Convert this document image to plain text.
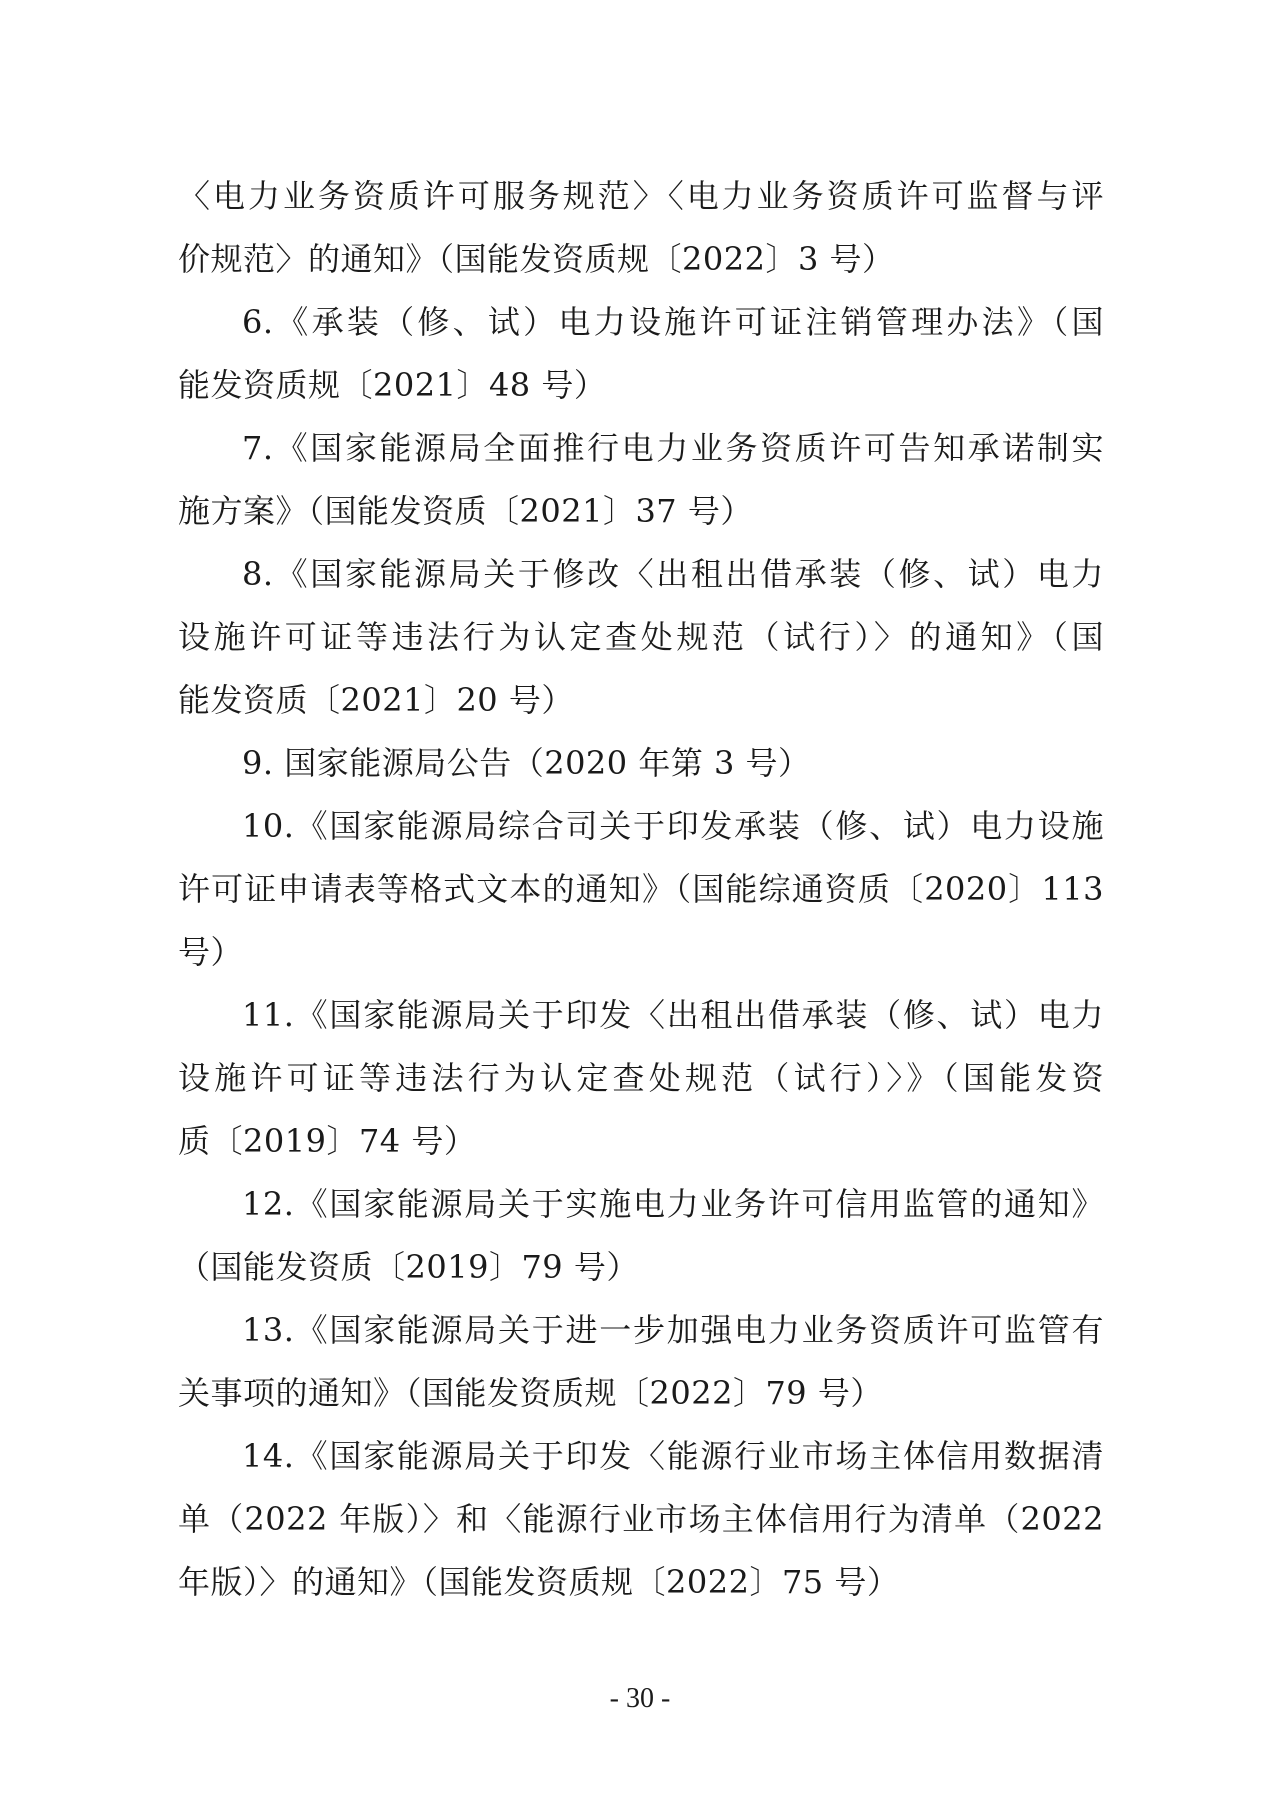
〈电力业务资质许可服务规范〉〈电力业务资质许可监督与评
价规范〉的通知》（国能发资质规〔2022〕3 号）
6.《承装（修、试）电力设施许可证注销管理办法》（国
能发资质规〔2021〕48 号）
7.《国家能源局全面推行电力业务资质许可告知承诺制实
施方案》（国能发资质〔2021〕37 号）
8.《国家能源局关于修改〈出租出借承装（修、试）电力
设施许可证等违法行为认定查处规范（试行）〉的通知》（国
能发资质〔2021〕20 号）
9. 国家能源局公告（2020 年第 3 号）
10.《国家能源局综合司关于印发承装（修、试）电力设施
许可证申请表等格式文本的通知》（国能综通资质〔2020〕113
号）
11.《国家能源局关于印发〈出租出借承装（修、试）电力
设施许可证等违法行为认定查处规范（试行）〉》（国能发资
质〔2019〕74 号）
12.《国家能源局关于实施电力业务许可信用监管的通知》
（国能发资质〔2019〕79 号）
13.《国家能源局关于进一步加强电力业务资质许可监管有
关事项的通知》（国能发资质规〔2022〕79 号）
14.《国家能源局关于印发〈能源行业市场主体信用数据清
单（2022 年版）〉和〈能源行业市场主体信用行为清单（2022
年版）〉的通知》（国能发资质规〔2022〕75 号）
- 30 -
